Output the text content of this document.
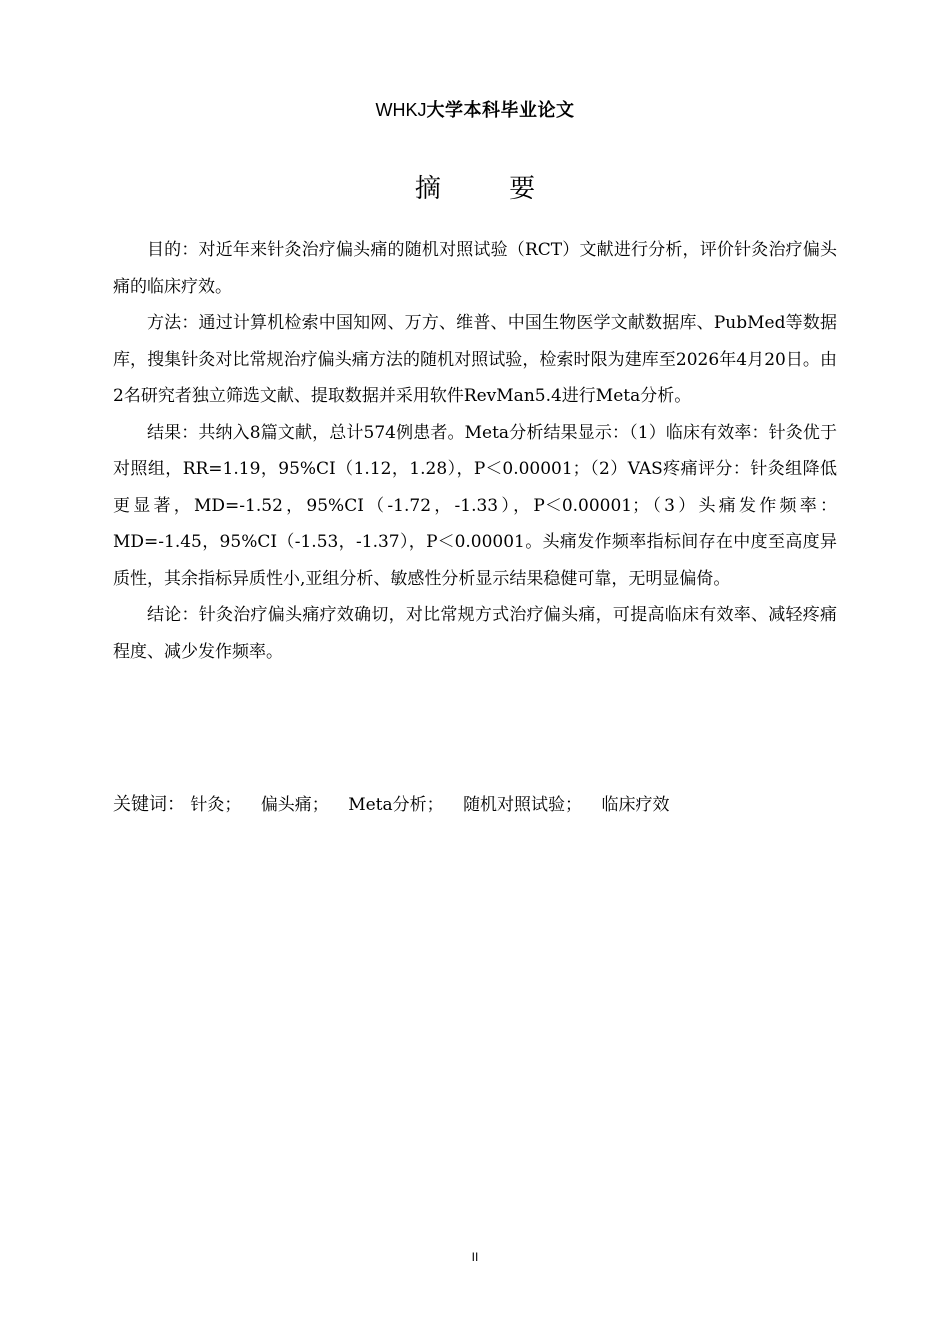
WHKJ大学本科毕业论文
摘 要

目的：对近年来针灸治疗偏头痛的随机对照试验（RCT）文献进行分析，评价针灸治疗偏头痛的临床疗效。

方法：通过计算机检索中国知网、万方、维普、中国生物医学文献数据库、PubMed等数据库，搜集针灸对比常规治疗偏头痛方法的随机对照试验，检索时限为建库至2026年4月20日。由2名研究者独立筛选文献、提取数据并采用软件RevMan5.4进行Meta分析。

结果：共纳入8篇文献，总计574例患者。Meta分析结果显示：（1）临床有效率：针灸优于对照组，RR=1.19，95%CI（1.12，1.28），P＜0.00001；（2）VAS疼痛评分：针灸组降低更显著，MD=-1.52，95%CI（-1.72，-1.33），P＜0.00001；（3）头痛发作频率：MD=-1.45，95%CI（-1.53，-1.37），P＜0.00001。头痛发作频率指标间存在中度至高度异质性，其余指标异质性小,亚组分析、敏感性分析显示结果稳健可靠，无明显偏倚。

结论：针灸治疗偏头痛疗效确切，对比常规方式治疗偏头痛，可提高临床有效率、减轻疼痛程度、减少发作频率。

关键词： 针灸； 偏头痛； Meta分析； 随机对照试验； 临床疗效
II
